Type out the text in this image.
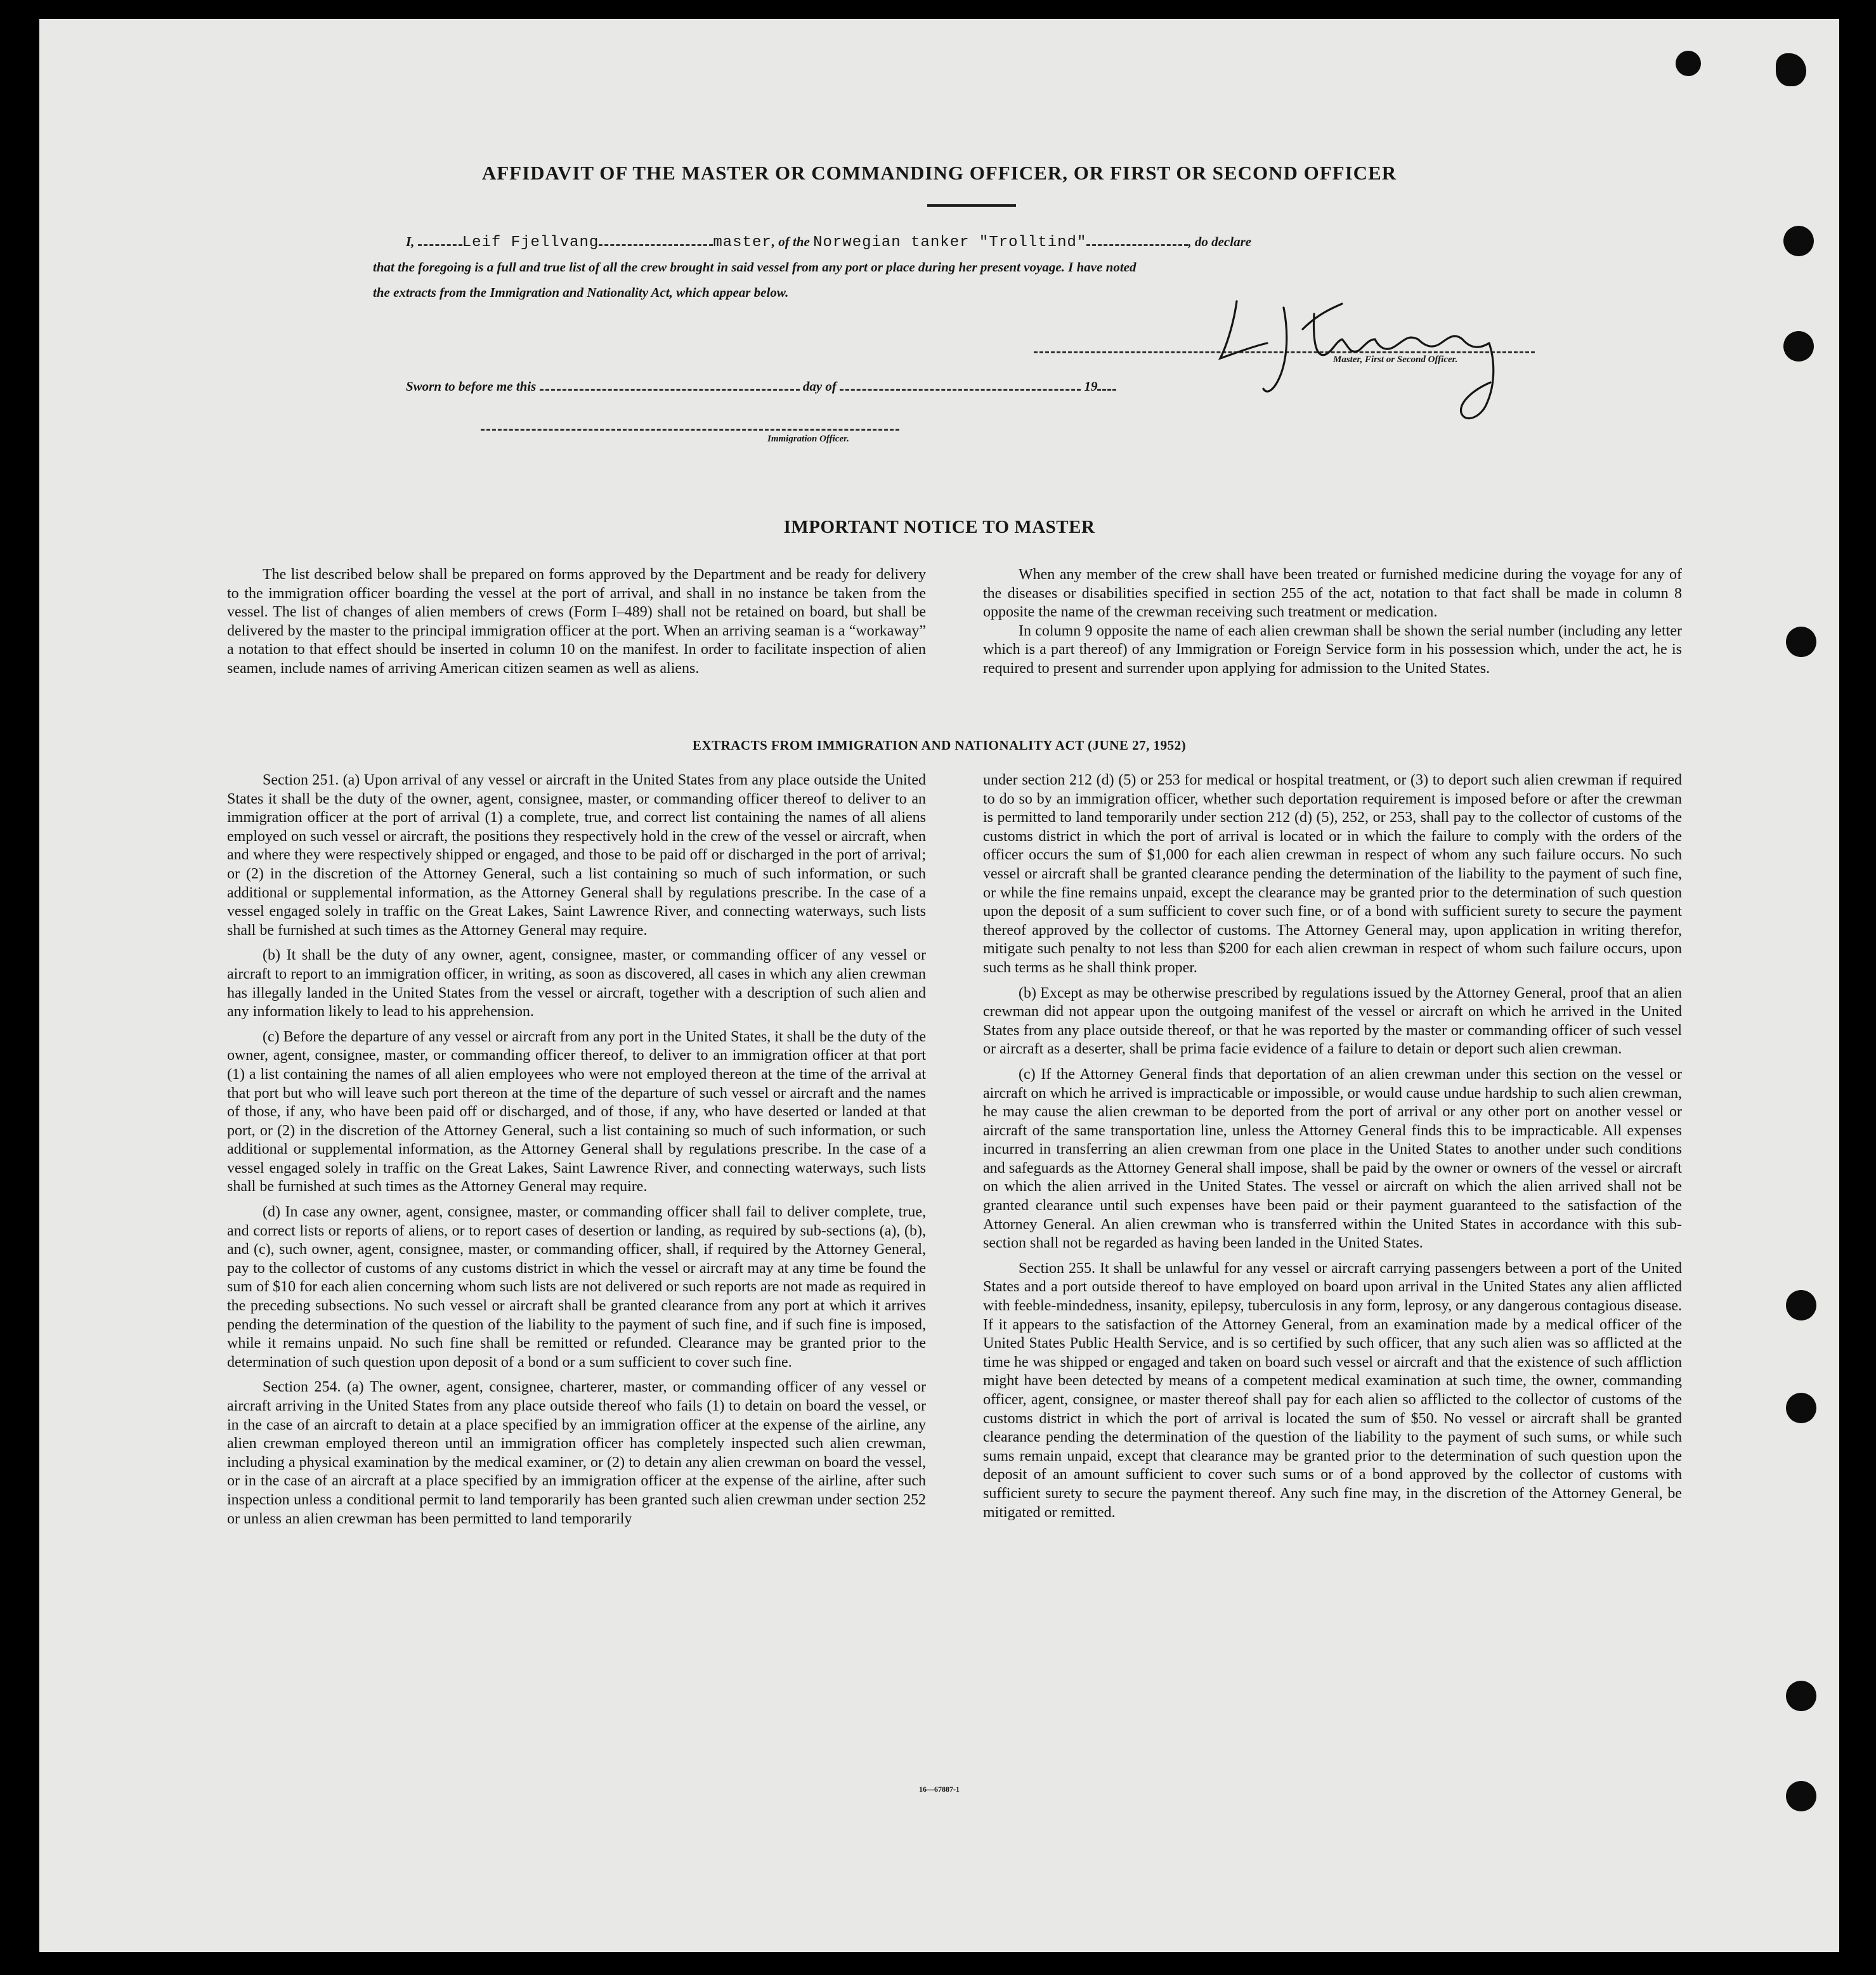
AFFIDAVIT OF THE MASTER OR COMMANDING OFFICER, OR FIRST OR SECOND OFFICER
I,	Leif Fjellvang	master, of the Norwegian tanker "Trolltind"	, do declare
that the foregoing is a full and true list of all the crew brought in said vessel from any port or place during her present voyage. I have noted
the extracts from the Immigration and Nationality Act, which appear below.
Master, First or Second Officer.
Sworn to before me this	day of	19
Immigration Officer.
IMPORTANT NOTICE TO MASTER

The list described below shall be prepared on forms approved by the Department and be ready for delivery to the immigration officer boarding the vessel at the port of arrival, and shall in no instance be taken from the vessel. The list of changes of alien members of crews (Form I–489) shall not be retained on board, but shall be delivered by the master to the principal immigration officer at the port. When an arriving seaman is a “workaway” a notation to that effect should be inserted in column 10 on the manifest. In order to facilitate inspection of alien seamen, include names of arriving American citizen seamen as well as aliens.

When any member of the crew shall have been treated or furnished medicine during the voyage for any of the diseases or disabilities specified in section 255 of the act, notation to that fact shall be made in column 8 opposite the name of the crewman receiving such treatment or medication.

In column 9 opposite the name of each alien crewman shall be shown the serial number (including any letter which is a part thereof) of any Immigration or Foreign Service form in his possession which, under the act, he is required to present and surrender upon applying for admission to the United States.

EXTRACTS FROM IMMIGRATION AND NATIONALITY ACT (JUNE 27, 1952)

Section 251. (a) Upon arrival of any vessel or aircraft in the United States from any place outside the United States it shall be the duty of the owner, agent, consignee, master, or commanding officer thereof to deliver to an immigration officer at the port of arrival (1) a complete, true, and correct list containing the names of all aliens employed on such vessel or aircraft, the positions they respectively hold in the crew of the vessel or aircraft, when and where they were respectively shipped or engaged, and those to be paid off or discharged in the port of arrival; or (2) in the discretion of the Attorney General, such a list containing so much of such information, or such additional or supplemental information, as the Attorney General shall by regulations prescribe. In the case of a vessel engaged solely in traffic on the Great Lakes, Saint Lawrence River, and connecting waterways, such lists shall be furnished at such times as the Attorney General may require.

(b) It shall be the duty of any owner, agent, consignee, master, or commanding officer of any vessel or aircraft to report to an immigration officer, in writing, as soon as discovered, all cases in which any alien crewman has illegally landed in the United States from the vessel or aircraft, together with a description of such alien and any information likely to lead to his apprehension.

(c) Before the departure of any vessel or aircraft from any port in the United States, it shall be the duty of the owner, agent, consignee, master, or commanding officer thereof, to deliver to an immigration officer at that port (1) a list containing the names of all alien employees who were not employed thereon at the time of the arrival at that port but who will leave such port thereon at the time of the departure of such vessel or aircraft and the names of those, if any, who have been paid off or discharged, and of those, if any, who have deserted or landed at that port, or (2) in the discretion of the Attorney General, such a list containing so much of such information, or such additional or supplemental information, as the Attorney General shall by regulations prescribe. In the case of a vessel engaged solely in traffic on the Great Lakes, Saint Lawrence River, and connecting waterways, such lists shall be furnished at such times as the Attorney General may require.

(d) In case any owner, agent, consignee, master, or commanding officer shall fail to deliver complete, true, and correct lists or reports of aliens, or to report cases of desertion or landing, as required by sub-sections (a), (b), and (c), such owner, agent, consignee, master, or commanding officer, shall, if required by the Attorney General, pay to the collector of customs of any customs district in which the vessel or aircraft may at any time be found the sum of $10 for each alien concerning whom such lists are not delivered or such reports are not made as required in the preceding subsections. No such vessel or aircraft shall be granted clearance from any port at which it arrives pending the determination of the question of the liability to the payment of such fine, and if such fine is imposed, while it remains unpaid. No such fine shall be remitted or refunded. Clearance may be granted prior to the determination of such question upon deposit of a bond or a sum sufficient to cover such fine.

Section 254. (a) The owner, agent, consignee, charterer, master, or commanding officer of any vessel or aircraft arriving in the United States from any place outside thereof who fails (1) to detain on board the vessel, or in the case of an aircraft to detain at a place specified by an immigration officer at the expense of the airline, any alien crewman employed thereon until an immigration officer has completely inspected such alien crewman, including a physical examination by the medical examiner, or (2) to detain any alien crewman on board the vessel, or in the case of an aircraft at a place specified by an immigration officer at the expense of the airline, after such inspection unless a conditional permit to land temporarily has been granted such alien crewman under section 252 or unless an alien crewman has been permitted to land temporarily

under section 212 (d) (5) or 253 for medical or hospital treatment, or (3) to deport such alien crewman if required to do so by an immigration officer, whether such deportation requirement is imposed before or after the crewman is permitted to land temporarily under section 212 (d) (5), 252, or 253, shall pay to the collector of customs of the customs district in which the port of arrival is located or in which the failure to comply with the orders of the officer occurs the sum of $1,000 for each alien crewman in respect of whom any such failure occurs. No such vessel or aircraft shall be granted clearance pending the determination of the liability to the payment of such fine, or while the fine remains unpaid, except the clearance may be granted prior to the determination of such question upon the deposit of a sum sufficient to cover such fine, or of a bond with sufficient surety to secure the payment thereof approved by the collector of customs. The Attorney General may, upon application in writing therefor, mitigate such penalty to not less than $200 for each alien crewman in respect of whom such failure occurs, upon such terms as he shall think proper.

(b) Except as may be otherwise prescribed by regulations issued by the Attorney General, proof that an alien crewman did not appear upon the outgoing manifest of the vessel or aircraft on which he arrived in the United States from any place outside thereof, or that he was reported by the master or commanding officer of such vessel or aircraft as a deserter, shall be prima facie evidence of a failure to detain or deport such alien crewman.

(c) If the Attorney General finds that deportation of an alien crewman under this section on the vessel or aircraft on which he arrived is impracticable or impossible, or would cause undue hardship to such alien crewman, he may cause the alien crewman to be deported from the port of arrival or any other port on another vessel or aircraft of the same transportation line, unless the Attorney General finds this to be impracticable. All expenses incurred in transferring an alien crewman from one place in the United States to another under such conditions and safeguards as the Attorney General shall impose, shall be paid by the owner or owners of the vessel or aircraft on which the alien arrived in the United States. The vessel or aircraft on which the alien arrived shall not be granted clearance until such expenses have been paid or their payment guaranteed to the satisfaction of the Attorney General. An alien crewman who is transferred within the United States in accordance with this sub-section shall not be regarded as having been landed in the United States.

Section 255. It shall be unlawful for any vessel or aircraft carrying passengers between a port of the United States and a port outside thereof to have employed on board upon arrival in the United States any alien afflicted with feeble-mindedness, insanity, epilepsy, tuberculosis in any form, leprosy, or any dangerous contagious disease. If it appears to the satisfaction of the Attorney General, from an examination made by a medical officer of the United States Public Health Service, and is so certified by such officer, that any such alien was so afflicted at the time he was shipped or engaged and taken on board such vessel or aircraft and that the existence of such affliction might have been detected by means of a competent medical examination at such time, the owner, commanding officer, agent, consignee, or master thereof shall pay for each alien so afflicted to the collector of customs of the customs district in which the port of arrival is located the sum of $50. No vessel or aircraft shall be granted clearance pending the determination of the question of the liability to the payment of such sums, or while such sums remain unpaid, except that clearance may be granted prior to the determination of such question upon the deposit of an amount sufficient to cover such sums or of a bond approved by the collector of customs with sufficient surety to secure the payment thereof. Any such fine may, in the discretion of the Attorney General, be mitigated or remitted.

16—67887-1
